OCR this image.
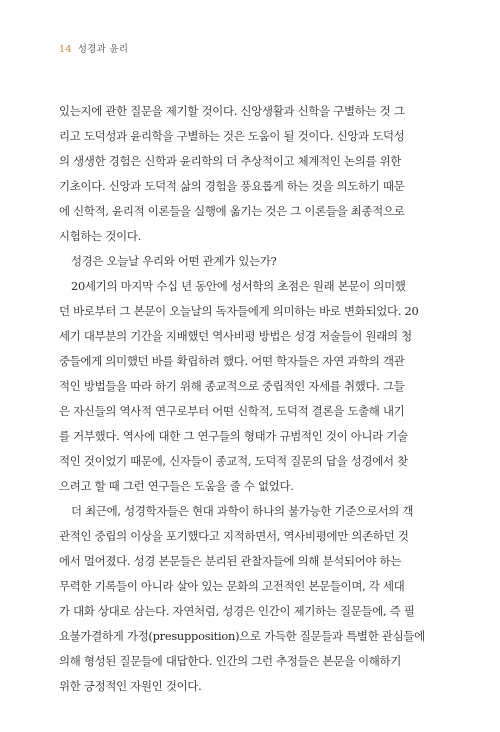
14 성경과 윤리
있는지에 관한 질문을 제기할 것이다. 신앙생활과 신학을 구별하는 것 그
리고 도덕성과 윤리학을 구별하는 것은 도움이 될 것이다. 신앙과 도덕성
의 생생한 경험은 신학과 윤리학의 더 추상적이고 체계적인 논의를 위한
기초이다. 신앙과 도덕적 삶의 경험을 풍요롭게 하는 것을 의도하기 때문
에 신학적, 윤리적 이론들을 실행에 옮기는 것은 그 이론들을 최종적으로
시험하는 것이다.
성경은 오늘날 우리와 어떤 관계가 있는가?
20세기의 마지막 수십 년 동안에 성서학의 초점은 원래 본문이 의미했
던 바로부터 그 본문이 오늘날의 독자들에게 의미하는 바로 변화되었다. 20
세기 대부분의 기간을 지배했던 역사비평 방법은 성경 저술들이 원래의 청
중들에게 의미했던 바를 확립하려 했다. 어떤 학자들은 자연 과학의 객관
적인 방법들을 따라 하기 위해 종교적으로 중립적인 자세를 취했다. 그들
은 자신들의 역사적 연구로부터 어떤 신학적, 도덕적 결론을 도출해 내기
를 거부했다. 역사에 대한 그 연구들의 형태가 규범적인 것이 아니라 기술
적인 것이었기 때문에, 신자들이 종교적, 도덕적 질문의 답을 성경에서 찾
으려고 할 때 그런 연구들은 도움을 줄 수 없었다.
더 최근에, 성경학자들은 현대 과학이 하나의 불가능한 기준으로서의 객
관적인 중립의 이상을 포기했다고 지적하면서, 역사비평에만 의존하던 것
에서 멀어졌다. 성경 본문들은 분리된 관찰자들에 의해 분석되어야 하는
무력한 기록들이 아니라 살아 있는 문화의 고전적인 본문들이며, 각 세대
가 대화 상대로 삼는다. 자연처럼, 성경은 인간이 제기하는 질문들에, 즉 필
요불가결하게 가정(presupposition)으로 가득한 질문들과 특별한 관심들에
의해 형성된 질문들에 대답한다. 인간의 그런 추정들은 본문을 이해하기
위한 긍정적인 자원인 것이다.
